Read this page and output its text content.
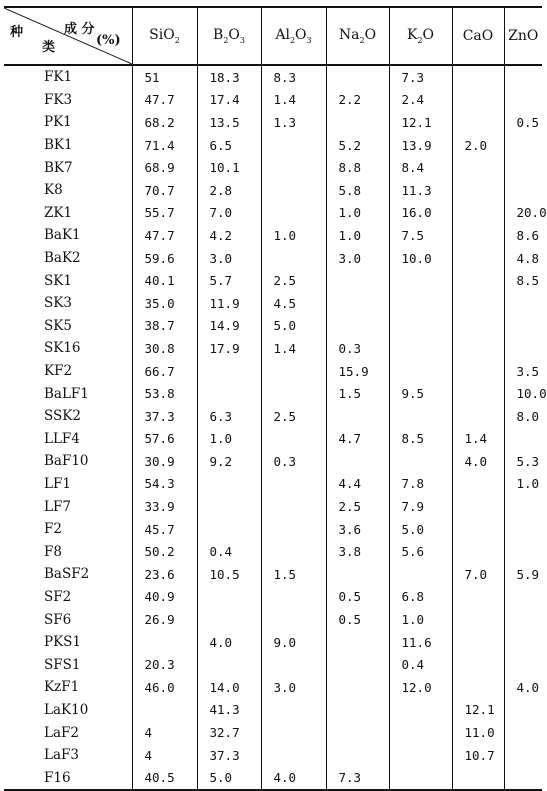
种 成 分
类 (%)	SiO$_2$	$B_2O_3$	$Al_2O_3$	$Na_2O$	$K_2O$	CaO	ZnO
FK1	51	18.3	8.3		7.3		
FK3	47.7	17.4	1.4	2.2	2.4		
PK1	68.2	13.5	1.3		12.1		0.5
BK1	71.4	6.5		5.2	13.9	2.0	
BK7	68.9	10.1		8.8	8.4		
K8	70.7	2.8		5.8	11.3		
ZK1	55.7	7.0		1.0	16.0		20.0
BaK1	47.7	4.2	1.0	1.0	7.5		8.6
BaK2	59.6	3.0		3.0	10.0		4.8
SK1	40.1	5.7	2.5				8.5
SK3	35.0	11.9	4.5				
SK5	38.7	14.9	5.0				
SK16	30.8	17.9	1.4	0.3			
KF2	66.7			15.9			3.5
BaLF1	53.8			1.5	9.5		10.0
SSK2	37.3	6.3	2.5				8.0
LLF4	57.6	1.0		4.7	8.5	1.4	
BaF10	30.9	9.2	0.3			4.0	5.3
LF1	54.3			4.4	7.8		1.0
LF7	33.9			2.5	7.9		
F2	45.7			3.6	5.0		
F8	50.2	0.4		3.8	5.6		
BaSF2	23.6	10.5	1.5			7.0	5.9
SF2	40.9			0.5	6.8		
SF6	26.9			0.5	1.0		
PKS1		4.0	9.0		11.6		
SFS1	20.3				0.4		
KzF1	46.0	14.0	3.0		12.0		4.0
LaK10		41.3				12.1	
LaF2	4	32.7				11.0	
LaF3	4	37.3				10.7	
F16	40.5	5.0	4.0	7.3			
